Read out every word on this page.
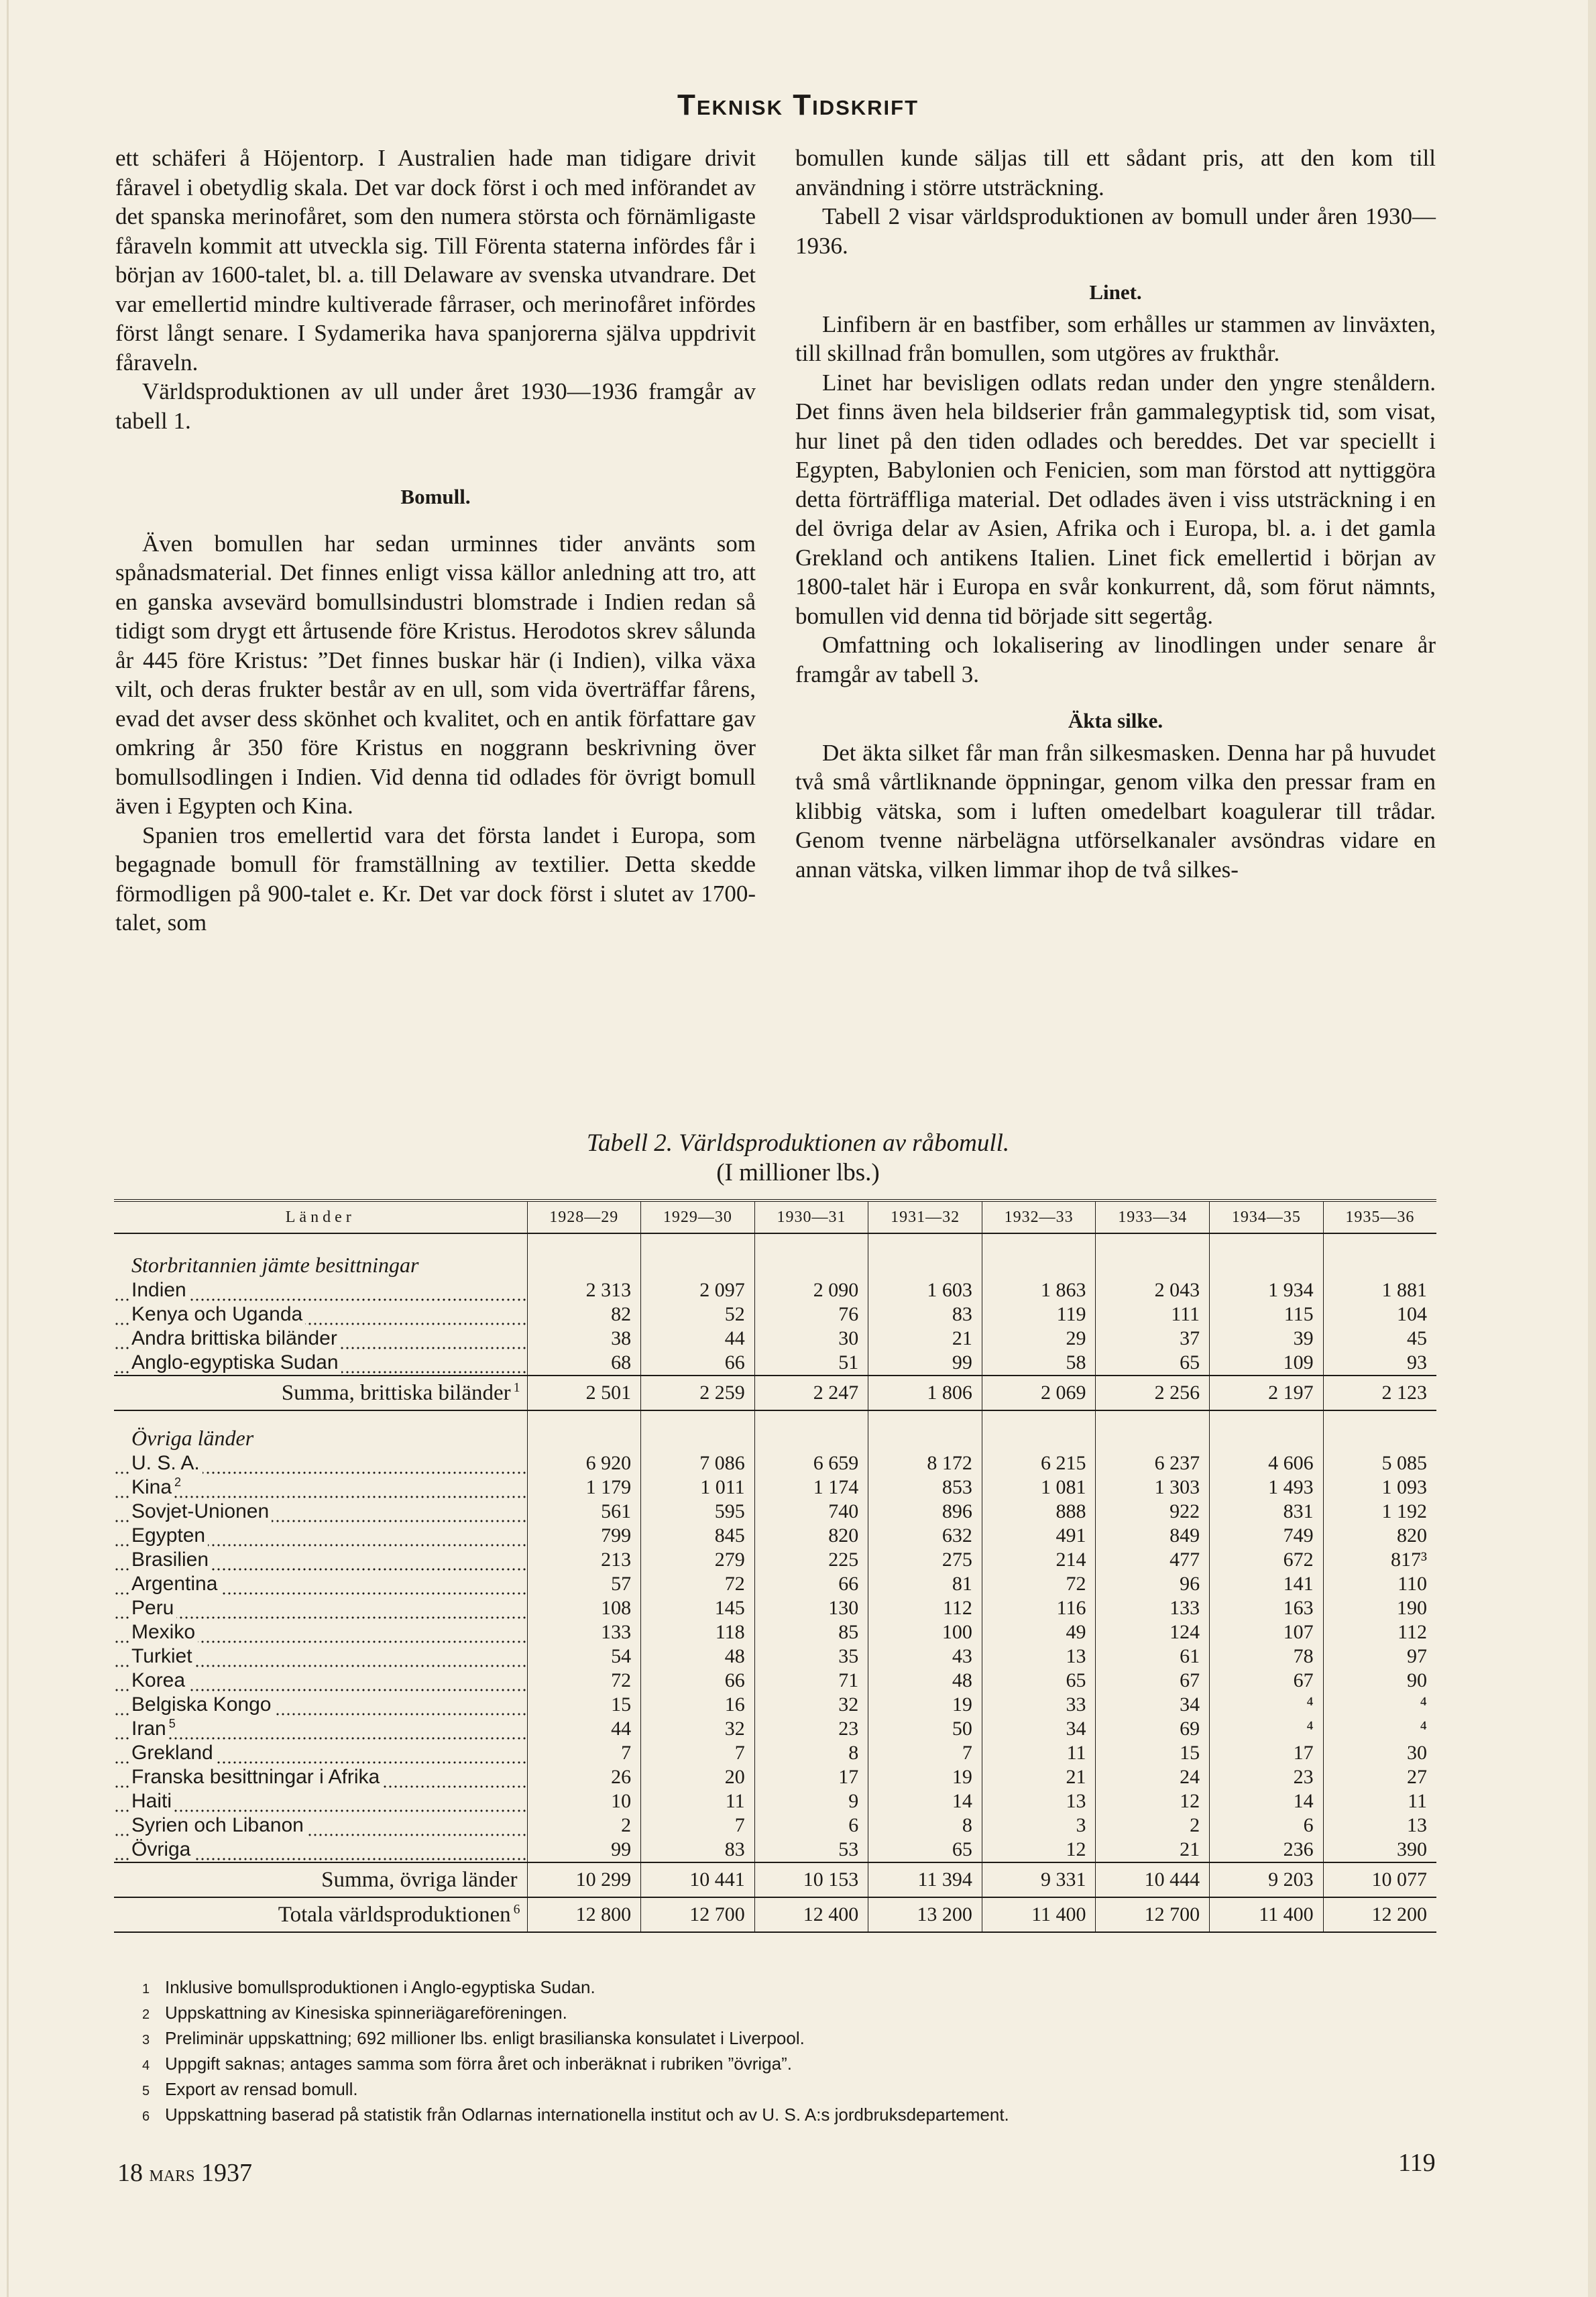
Teknisk Tidskrift

ett schäferi å Höjentorp. I Australien hade man tidigare drivit fåravel i obetydlig skala. Det var dock först i och med införandet av det spanska merinofåret, som den numera största och förnämligaste fåraveln kommit att utveckla sig. Till Förenta staterna infördes får i början av 1600-talet, bl. a. till Delaware av svenska utvandrare. Det var emellertid mindre kultiverade fårraser, och merinofåret infördes först långt senare. I Sydamerika hava spanjorerna själva uppdrivit fåraveln.

Världsproduktionen av ull under året 1930—1936 framgår av tabell 1.

Bomull.

Även bomullen har sedan urminnes tider använts som spånadsmaterial. Det finnes enligt vissa källor anledning att tro, att en ganska avsevärd bomullsindustri blomstrade i Indien redan så tidigt som drygt ett årtusende före Kristus. Herodotos skrev sålunda år 445 före Kristus: ”Det finnes buskar här (i Indien), vilka växa vilt, och deras frukter består av en ull, som vida överträffar fårens, evad det avser dess skönhet och kvalitet, och en antik författare gav omkring år 350 före Kristus en noggrann beskrivning över bomullsodlingen i Indien. Vid denna tid odlades för övrigt bomull även i Egypten och Kina.

Spanien tros emellertid vara det första landet i Europa, som begagnade bomull för framställning av textilier. Detta skedde förmodligen på 900-talet e. Kr. Det var dock först i slutet av 1700-talet, som

bomullen kunde säljas till ett sådant pris, att den kom till användning i större utsträckning.

Tabell 2 visar världsproduktionen av bomull under åren 1930—1936.

Linet.

Linfibern är en bastfiber, som erhålles ur stammen av linväxten, till skillnad från bomullen, som utgöres av frukthår.

Linet har bevisligen odlats redan under den yngre stenåldern. Det finns även hela bildserier från gammalegyptisk tid, som visat, hur linet på den tiden odlades och bereddes. Det var speciellt i Egypten, Babylonien och Fenicien, som man förstod att nyttiggöra detta förträffliga material. Det odlades även i viss utsträckning i en del övriga delar av Asien, Afrika och i Europa, bl. a. i det gamla Grekland och antikens Italien. Linet fick emellertid i början av 1800-talet här i Europa en svår konkurrent, då, som förut nämnts, bomullen vid denna tid började sitt segertåg.

Omfattning och lokalisering av linodlingen under senare år framgår av tabell 3.

Äkta silke.

Det äkta silket får man från silkesmasken. Denna har på huvudet två små vårtliknande öppningar, genom vilka den pressar fram en klibbig vätska, som i luften omedelbart koagulerar till trådar. Genom tvenne närbelägna utförselkanaler avsöndras vidare en annan vätska, vilken limmar ihop de två silkes-

Tabell 2. Världsproduktionen av råbomull.
(I millioner lbs.)
Länder	1928—29	1929—30	1930—31	1931—32	1932—33	1933—34	1934—35	1935—36
Storbritannien jämte besittningar								
Indien	2 313	2 097	2 090	1 603	1 863	2 043	1 934	1 881
Kenya och Uganda	82	52	76	83	119	111	115	104
Andra brittiska biländer	38	44	30	21	29	37	39	45
Anglo-egyptiska Sudan	68	66	51	99	58	65	109	93
Summa, brittiska biländer $^1$	2 501	2 259	2 247	1 806	2 069	2 256	2 197	2 123
Övriga länder								
U. S. A.	6 920	7 086	6 659	8 172	6 215	6 237	4 606	5 085
Kina $^2$	1 179	1 011	1 174	853	1 081	1 303	1 493	1 093
Sovjet-Unionen	561	595	740	896	888	922	831	1 192
Egypten	799	845	820	632	491	849	749	820
Brasilien	213	279	225	275	214	477	672	817³
Argentina	57	72	66	81	72	96	141	110
Peru	108	145	130	112	116	133	163	190
Mexiko	133	118	85	100	49	124	107	112
Turkiet	54	48	35	43	13	61	78	97
Korea	72	66	71	48	65	67	67	90
Belgiska Kongo	15	16	32	19	33	34	⁴	⁴
Iran $^5$	44	32	23	50	34	69	⁴	⁴
Grekland	7	7	8	7	11	15	17	30
Franska besittningar i Afrika	26	20	17	19	21	24	23	27
Haiti	10	11	9	14	13	12	14	11
Syrien och Libanon	2	7	6	8	3	2	6	13
Övriga	99	83	53	65	12	21	236	390
Summa, övriga länder	10 299	10 441	10 153	11 394	9 331	10 444	9 203	10 077
Totala världsproduktionen $^6$	12 800	12 700	12 400	13 200	11 400	12 700	11 400	12 200
1 Inklusive bomullsproduktionen i Anglo-egyptiska Sudan.
2 Uppskattning av Kinesiska spinneriägareföreningen.
3 Preliminär uppskattning; 692 millioner lbs. enligt brasilianska konsulatet i Liverpool.
4 Uppgift saknas; antages samma som förra året och inberäknat i rubriken ”övriga”.
5 Export av rensad bomull.
6 Uppskattning baserad på statistik från Odlarnas internationella institut och av U. S. A:s jordbruksdepartement.
18 mars 1937	119
